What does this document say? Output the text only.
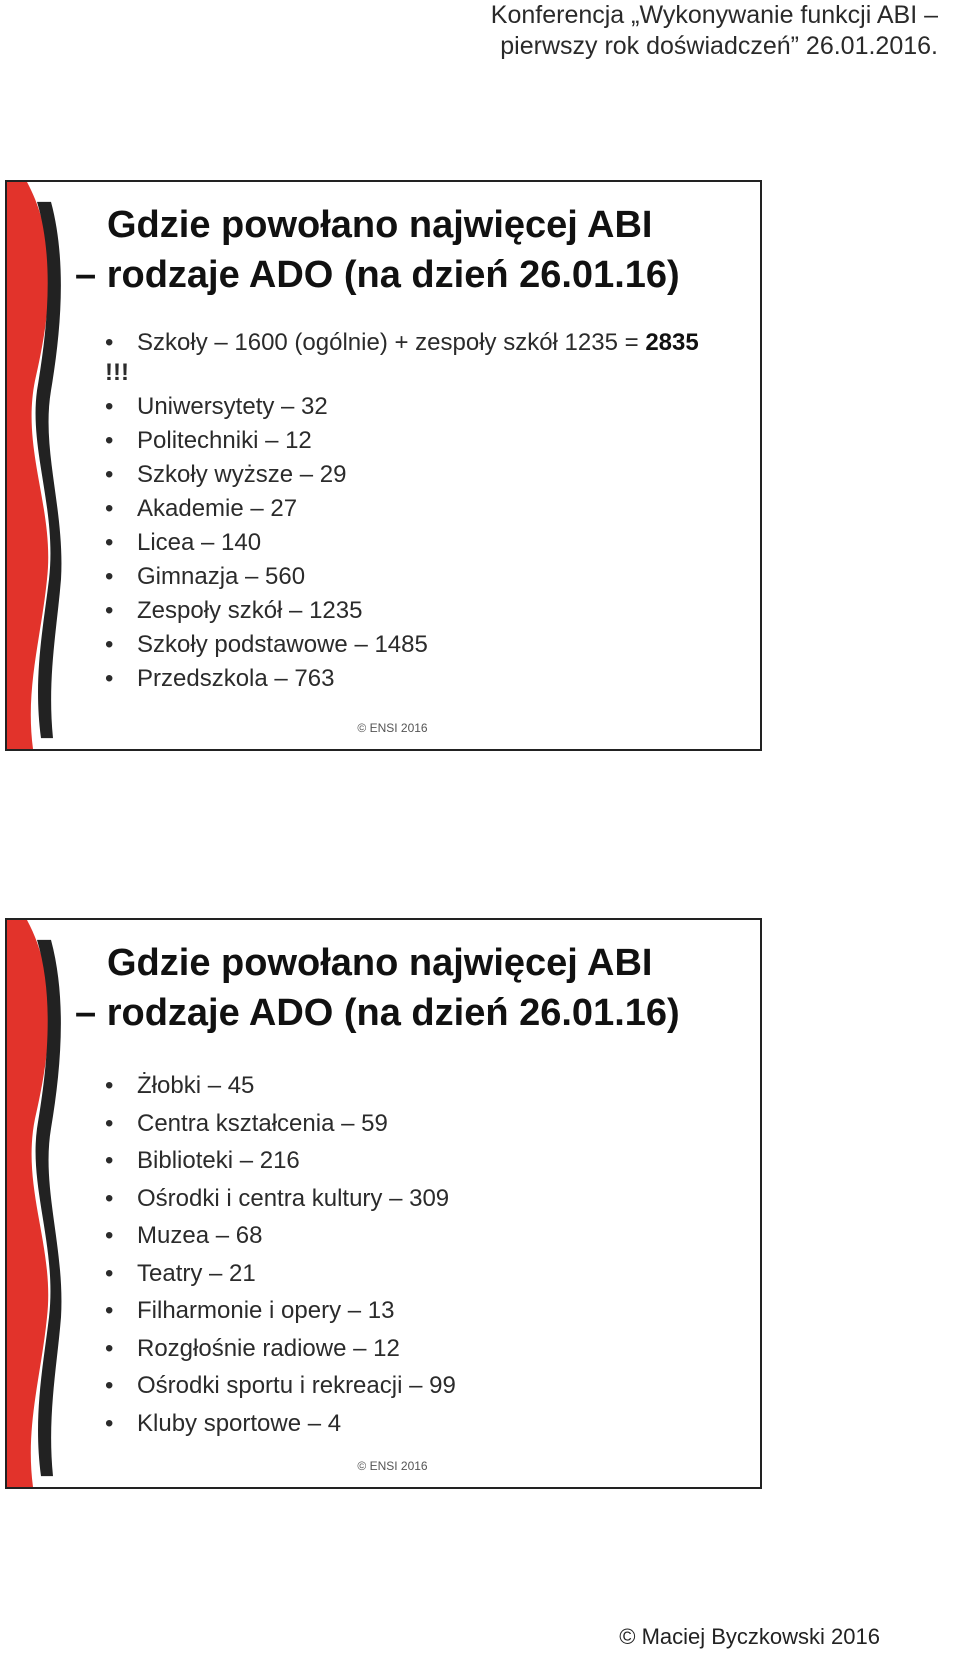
Konferencja „Wykonywanie funkcji ABI –
pierwszy rok doświadczeń” 26.01.2016.
Gdzie powołano najwięcej ABI
– rodzaje ADO (na dzień 26.01.16)
• Szkoły – 1600 (ogólnie) + zespoły szkół 1235 = 2835
!!!
• Uniwersytety – 32
• Politechniki – 12
• Szkoły wyższe – 29
• Akademie – 27
• Licea – 140
• Gimnazja – 560
• Zespoły szkół – 1235
• Szkoły podstawowe – 1485
• Przedszkola – 763
© ENSI 2016
Gdzie powołano najwięcej ABI
– rodzaje ADO (na dzień 26.01.16)
• Żłobki – 45
• Centra kształcenia – 59
• Biblioteki – 216
• Ośrodki i centra kultury – 309
• Muzea – 68
• Teatry – 21
• Filharmonie i opery – 13
• Rozgłośnie radiowe – 12
• Ośrodki sportu i rekreacji – 99
• Kluby sportowe – 4
© ENSI 2016
© Maciej Byczkowski 2016
